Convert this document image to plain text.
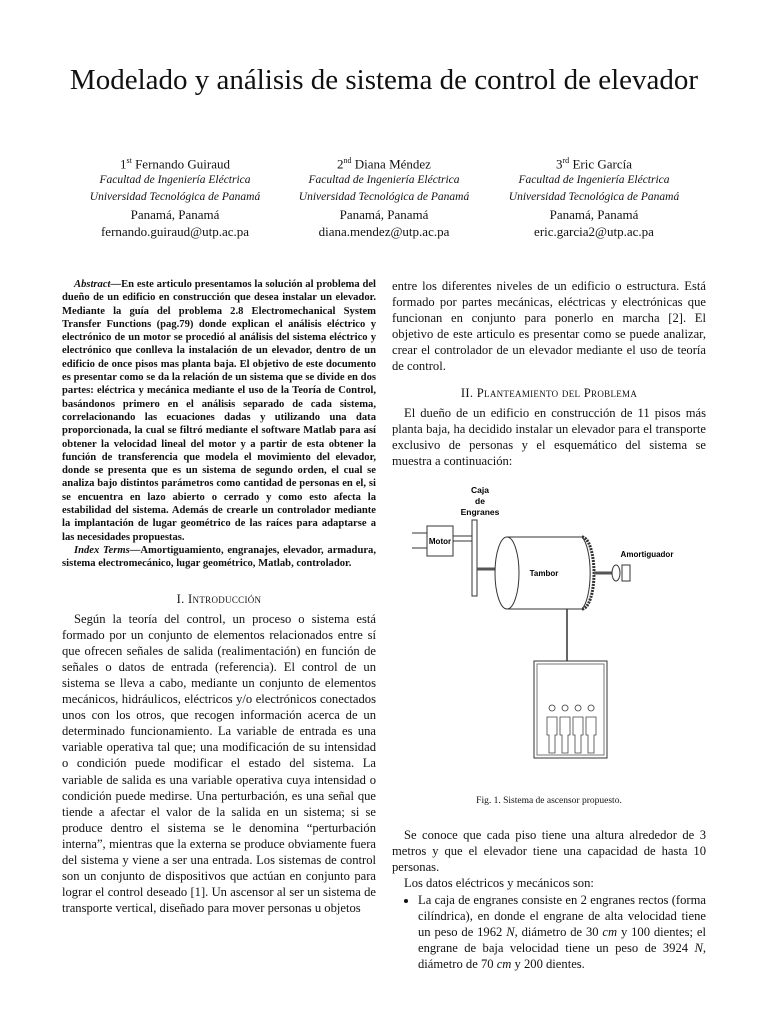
Modelado y análisis de sistema de control de elevador
1st Fernando Guiraud
Facultad de Ingeniería Eléctrica
Universidad Tecnológica de Panamá
Panamá, Panamá
fernando.guiraud@utp.ac.pa
2nd Diana Méndez
Facultad de Ingeniería Eléctrica
Universidad Tecnológica de Panamá
Panamá, Panamá
diana.mendez@utp.ac.pa
3rd Eric García
Facultad de Ingeniería Eléctrica
Universidad Tecnológica de Panamá
Panamá, Panamá
eric.garcia2@utp.ac.pa

Abstract—En este articulo presentamos la solución al problema del dueño de un edificio en construcción que desea instalar un elevador. Mediante la guía del problema 2.8 Electromechanical System Transfer Functions (pag.79) donde explican el análisis eléctrico y electrónico de un motor se procedió al análisis del sistema eléctrico y electrónico que conlleva la instalación de un elevador, dentro de un edificio de once pisos mas planta baja. El objetivo de este documento es presentar como se da la relación de un sistema que se divide en dos partes: eléctrica y mecánica mediante el uso de la Teoría de Control, basándonos primero en el análisis separado de cada sistema, correlacionando las ecuaciones dadas y utilizando una data proporcionada, la cual se filtró mediante el software Matlab para así obtener la velocidad lineal del motor y a partir de esta obtener la función de transferencia que modela el movimiento del elevador, donde se presenta que es un sistema de segundo orden, el cual se analiza bajo distintos parámetros como cantidad de personas en el, si se encuentra en lazo abierto o cerrado y como esto afecta la estabilidad del sistema. Además de crearle un controlador mediante la implantación de lugar geométrico de las raíces para adaptarse a las necesidades propuestas.

Index Terms—Amortiguamiento, engranajes, elevador, armadura, sistema electromecánico, lugar geométrico, Matlab, controlador.

I. Introducción

Según la teoría del control, un proceso o sistema está formado por un conjunto de elementos relacionados entre sí que ofrecen señales de salida (realimentación) en función de señales o datos de entrada (referencia). El control de un sistema se lleva a cabo, mediante un conjunto de elementos mecánicos, hidráulicos, eléctricos y/o electrónicos conectados unos con los otros, que recogen información acerca de un determinado funcionamiento. La variable de entrada es una variable operativa tal que; una modificación de su intensidad o condición puede modificar el estado del sistema. La variable de salida es una variable operativa cuya intensidad o condición puede medirse. Una perturbación, es una señal que tiende a afectar el valor de la salida en un sistema; si se produce dentro el sistema se le denomina “perturbación interna”, mientras que la externa se produce obviamente fuera del sistema y viene a ser una entrada. Los sistemas de control son un conjunto de dispositivos que actúan en conjunto para lograr el control deseado [1]. Un ascensor al ser un sistema de transporte vertical, diseñado para mover personas u objetos

entre los diferentes niveles de un edificio o estructura. Está formado por partes mecánicas, eléctricas y electrónicas que funcionan en conjunto para ponerlo en marcha [2]. El objetivo de este articulo es presentar como se puede analizar, crear el controlador de un elevador mediante el uso de teoría de control.

II. Planteamiento del Problema

El dueño de un edificio en construcción de 11 pisos más planta baja, ha decidido instalar un elevador para el transporte exclusivo de personas y el esquemático del sistema se muestra a continuación:

Caja
de
Engranes
Motor
Tambor
Amortiguador
Fig. 1. Sistema de ascensor propuesto.

Se conoce que cada piso tiene una altura alrededor de 3 metros y que el elevador tiene una capacidad de hasta 10 personas.

Los datos eléctricos y mecánicos son:

• La caja de engranes consiste en 2 engranes rectos (forma cilíndrica), en donde el engrane de alta velocidad tiene un peso de 1962 N, diámetro de 30 cm y 100 dientes; el engrane de baja velocidad tiene un peso de 3924 N, diámetro de 70 cm y 200 dientes.
